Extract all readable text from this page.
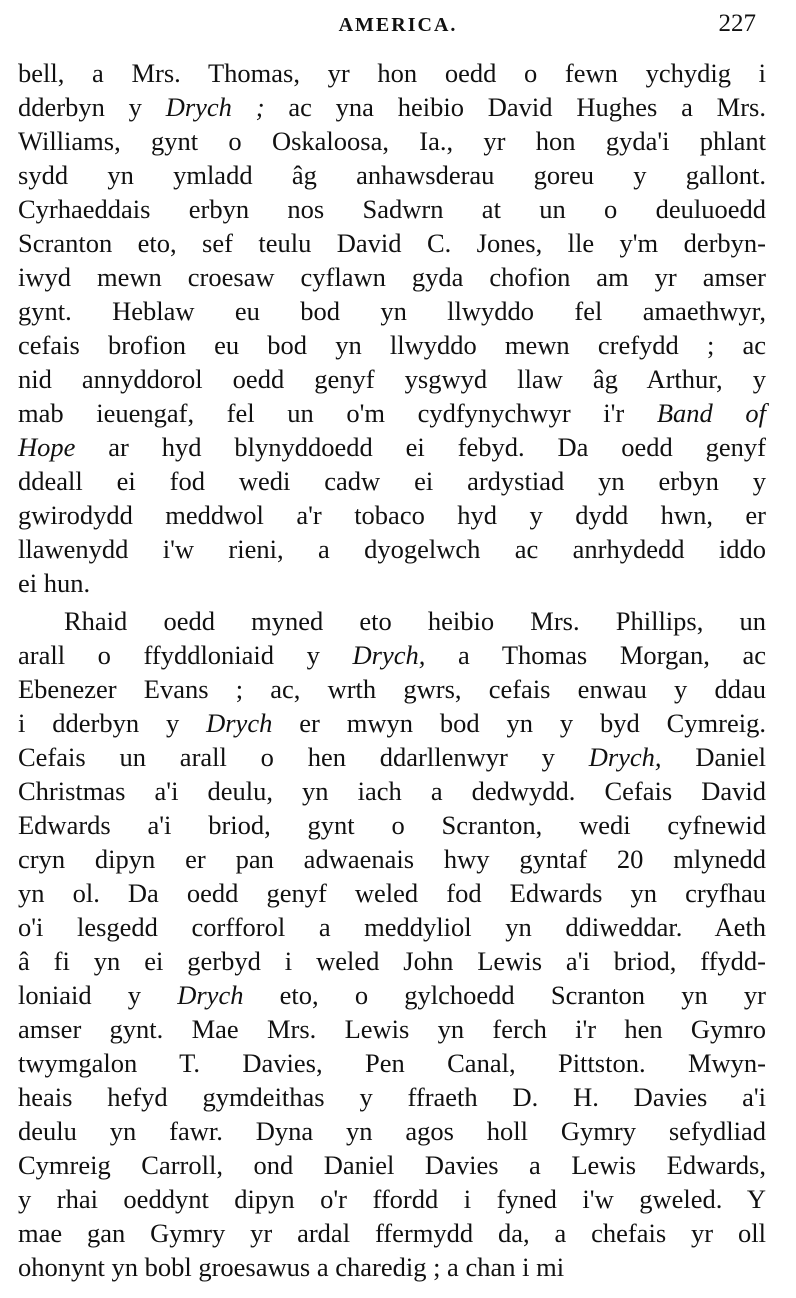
AMERICA.	227
bell, a Mrs. Thomas, yr hon oedd o fewn ychydig i
dderbyn y Drych ; ac yna heibio David Hughes a Mrs.
Williams, gynt o Oskaloosa, Ia., yr hon gyda'i phlant
sydd yn ymladd âg anhawsderau goreu y gallont.
Cyrhaeddais erbyn nos Sadwrn at un o deuluoedd
Scranton eto, sef teulu David C. Jones, lle y'm derbyn-
iwyd mewn croesaw cyflawn gyda chofion am yr amser
gynt. Heblaw eu bod yn llwyddo fel amaethwyr,
cefais brofion eu bod yn llwyddo mewn crefydd ; ac
nid annyddorol oedd genyf ysgwyd llaw âg Arthur, y
mab ieuengaf, fel un o'm cydfynychwyr i'r Band of
Hope ar hyd blynyddoedd ei febyd. Da oedd genyf
ddeall ei fod wedi cadw ei ardystiad yn erbyn y
gwirodydd meddwol a'r tobaco hyd y dydd hwn, er
llawenydd i'w rieni, a dyogelwch ac anrhydedd iddo
ei hun.
Rhaid oedd myned eto heibio Mrs. Phillips, un
arall o ffyddloniaid y Drych, a Thomas Morgan, ac
Ebenezer Evans ; ac, wrth gwrs, cefais enwau y ddau
i dderbyn y Drych er mwyn bod yn y byd Cymreig.
Cefais un arall o hen ddarllenwyr y Drych, Daniel
Christmas a'i deulu, yn iach a dedwydd. Cefais David
Edwards a'i briod, gynt o Scranton, wedi cyfnewid
cryn dipyn er pan adwaenais hwy gyntaf 20 mlynedd
yn ol. Da oedd genyf weled fod Edwards yn cryfhau
o'i lesgedd corfforol a meddyliol yn ddiweddar. Aeth
â fi yn ei gerbyd i weled John Lewis a'i briod, ffydd-
loniaid y Drych eto, o gylchoedd Scranton yn yr
amser gynt. Mae Mrs. Lewis yn ferch i'r hen Gymro
twymgalon T. Davies, Pen Canal, Pittston. Mwyn-
heais hefyd gymdeithas y ffraeth D. H. Davies a'i
deulu yn fawr. Dyna yn agos holl Gymry sefydliad
Cymreig Carroll, ond Daniel Davies a Lewis Edwards,
y rhai oeddynt dipyn o'r ffordd i fyned i'w gweled. Y
mae gan Gymry yr ardal ffermydd da, a chefais yr oll
ohonynt yn bobl groesawus a charedig ; a chan i mi
